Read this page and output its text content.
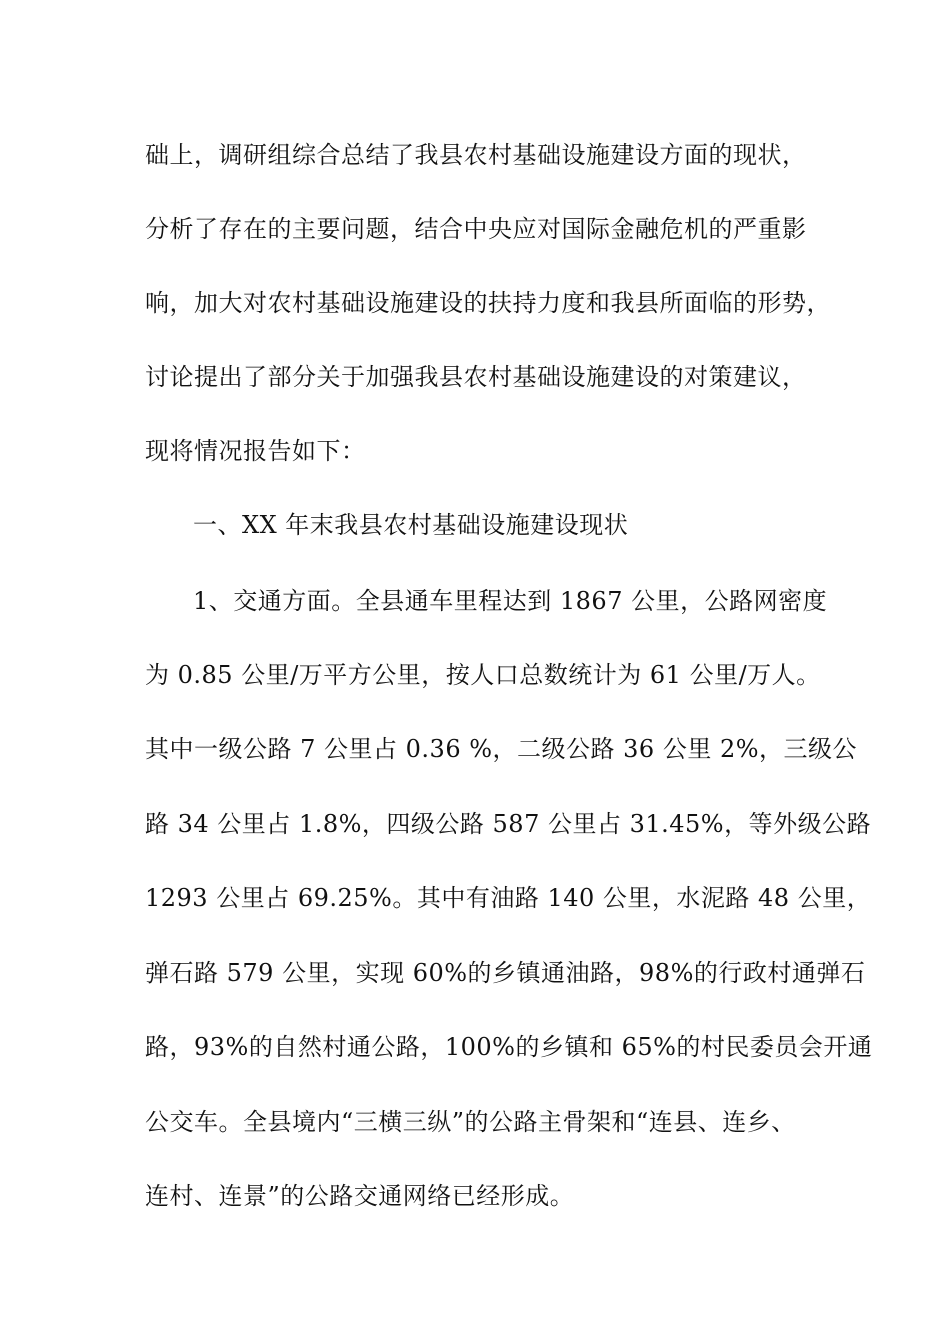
础上，调研组综合总结了我县农村基础设施建设方面的现状，
分析了存在的主要问题，结合中央应对国际金融危机的严重影
响，加大对农村基础设施建设的扶持力度和我县所面临的形势，
讨论提出了部分关于加强我县农村基础设施建设的对策建议，
现将情况报告如下：
一、XX 年末我县农村基础设施建设现状
1、交通方面。全县通车里程达到 1867 公里，公路网密度
为 0.85 公里/万平方公里，按人口总数统计为 61 公里/万人。
其中一级公路 7 公里占 0.36 %，二级公路 36 公里 2%，三级公
路 34 公里占 1.8%，四级公路 587 公里占 31.45%，等外级公路
1293 公里占 69.25%。其中有油路 140 公里，水泥路 48 公里，
弹石路 579 公里，实现 60%的乡镇通油路，98%的行政村通弹石
路，93%的自然村通公路，100%的乡镇和 65%的村民委员会开通
公交车。全县境内“三横三纵”的公路主骨架和“连县、连乡、
连村、连景”的公路交通网络已经形成。
